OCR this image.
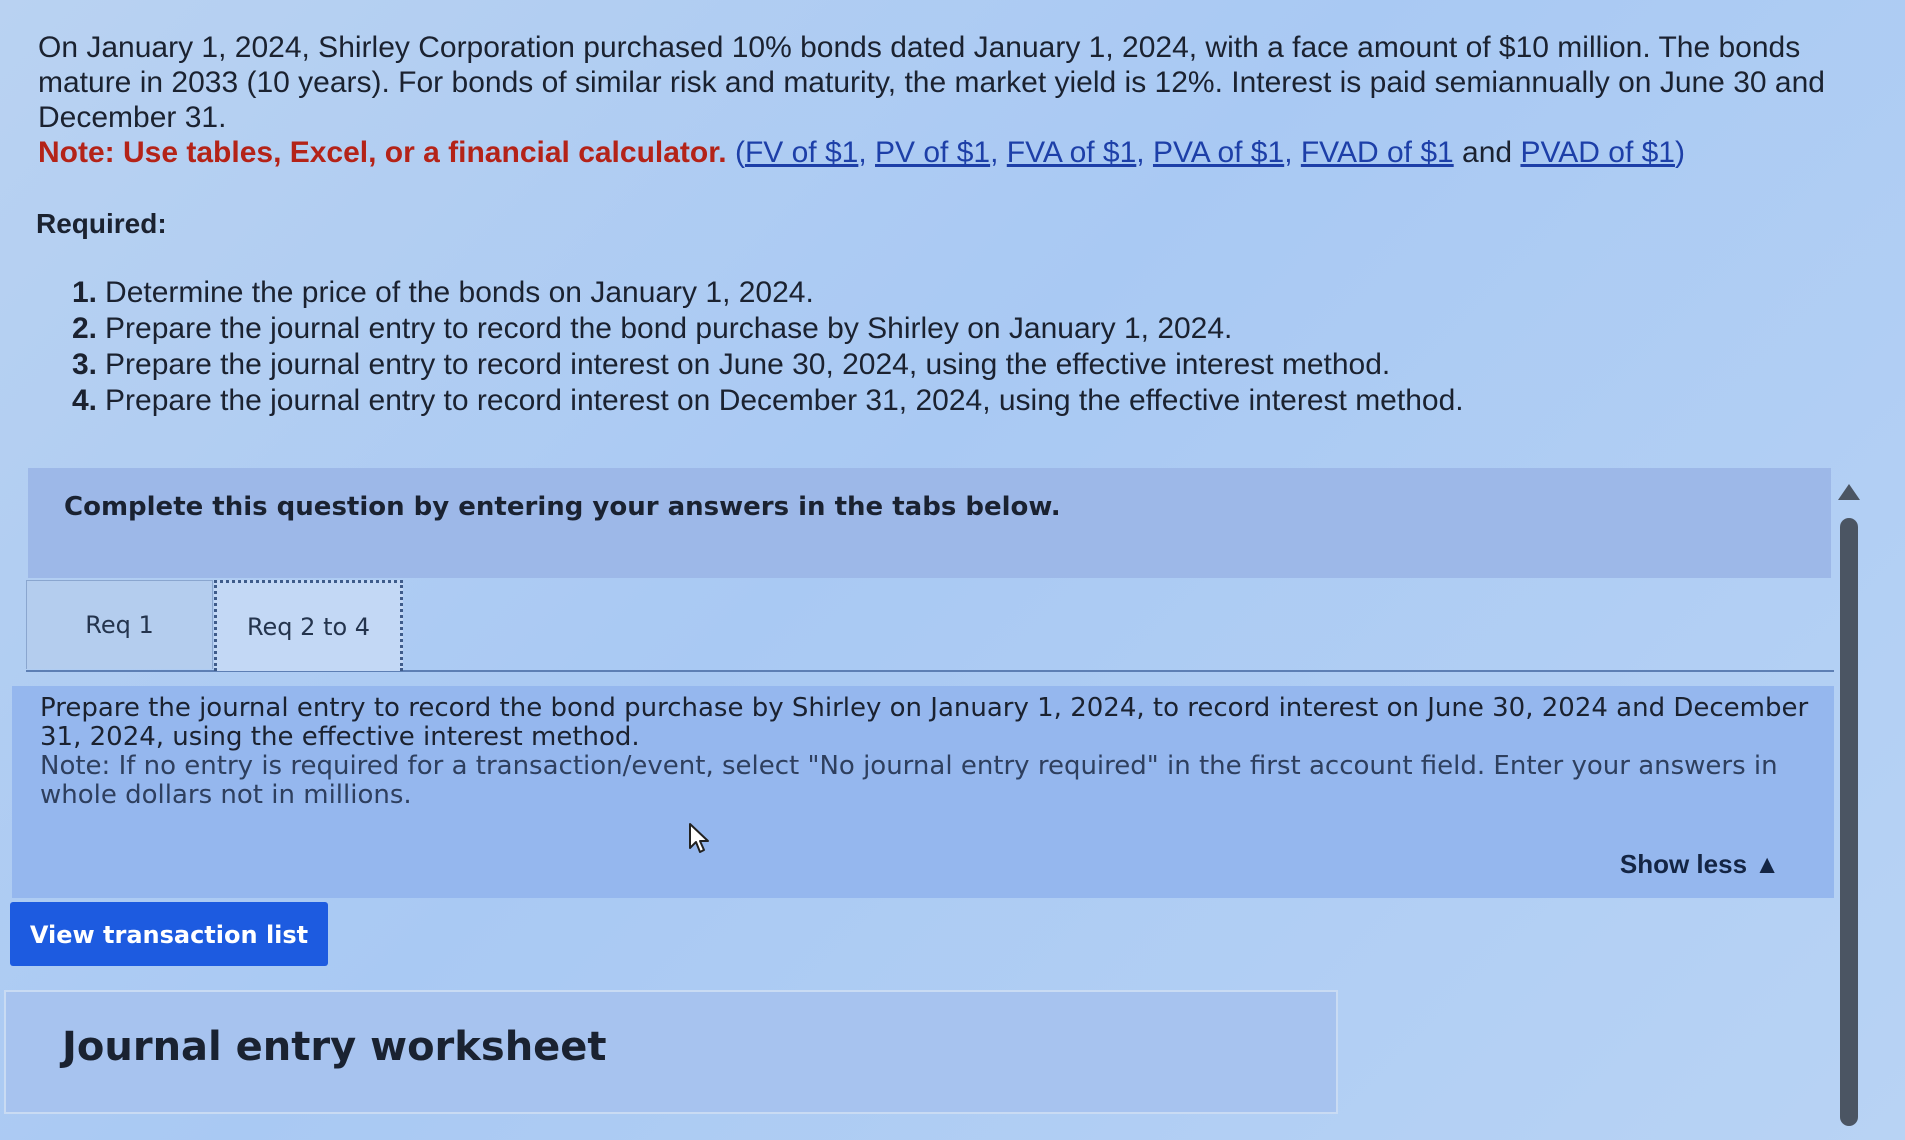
On January 1, 2024, Shirley Corporation purchased 10% bonds dated January 1, 2024, with a face amount of $10 million. The bonds mature in 2033 (10 years). For bonds of similar risk and maturity, the market yield is 12%. Interest is paid semiannually on June 30 and December 31.

Note: Use tables, Excel, or a financial calculator. (FV of $1, PV of $1, FVA of $1, PVA of $1, FVAD of $1 and PVAD of $1)

Required:
1. Determine the price of the bonds on January 1, 2024.
2. Prepare the journal entry to record the bond purchase by Shirley on January 1, 2024.
3. Prepare the journal entry to record interest on June 30, 2024, using the effective interest method.
4. Prepare the journal entry to record interest on December 31, 2024, using the effective interest method.
Complete this question by entering your answers in the tabs below.
Req 1	Req 2 to 4

Prepare the journal entry to record the bond purchase by Shirley on January 1, 2024, to record interest on June 30, 2024 and December 31, 2024, using the effective interest method.

Note: If no entry is required for a transaction/event, select "No journal entry required" in the first account field. Enter your answers in whole dollars not in millions.

Show less ▲
View transaction list
Journal entry worksheet
